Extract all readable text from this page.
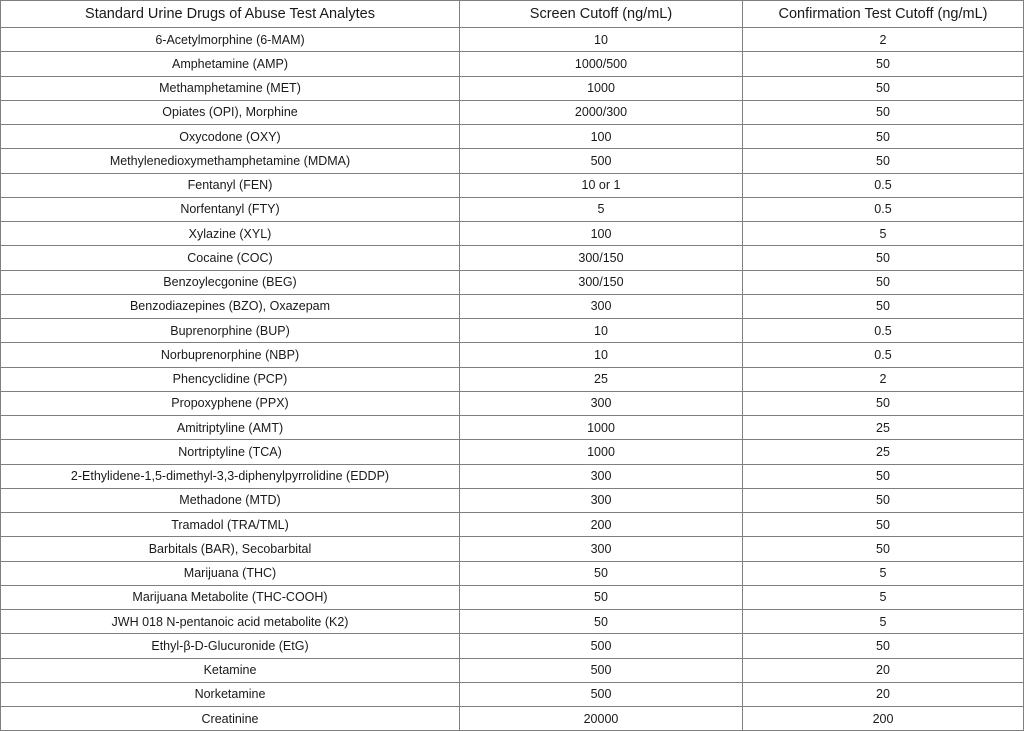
Standard Urine Drugs of Abuse Test Analytes	Screen Cutoff (ng/mL)	Confirmation Test Cutoff (ng/mL)
6-Acetylmorphine (6-MAM)	10	2
Amphetamine (AMP)	1000/500	50
Methamphetamine (MET)	1000	50
Opiates (OPI), Morphine	2000/300	50
Oxycodone (OXY)	100	50
Methylenedioxymethamphetamine (MDMA)	500	50
Fentanyl (FEN)	10 or 1	0.5
Norfentanyl (FTY)	5	0.5
Xylazine (XYL)	100	5
Cocaine (COC)	300/150	50
Benzoylecgonine (BEG)	300/150	50
Benzodiazepines (BZO), Oxazepam	300	50
Buprenorphine (BUP)	10	0.5
Norbuprenorphine (NBP)	10	0.5
Phencyclidine (PCP)	25	2
Propoxyphene (PPX)	300	50
Amitriptyline (AMT)	1000	25
Nortriptyline (TCA)	1000	25
2-Ethylidene-1,5-dimethyl-3,3-diphenylpyrrolidine (EDDP)	300	50
Methadone (MTD)	300	50
Tramadol (TRA/TML)	200	50
Barbitals (BAR), Secobarbital	300	50
Marijuana (THC)	50	5
Marijuana Metabolite (THC-COOH)	50	5
JWH 018 N-pentanoic acid metabolite (K2)	50	5
Ethyl-β-D-Glucuronide (EtG)	500	50
Ketamine	500	20
Norketamine	500	20
Creatinine	20000	200
